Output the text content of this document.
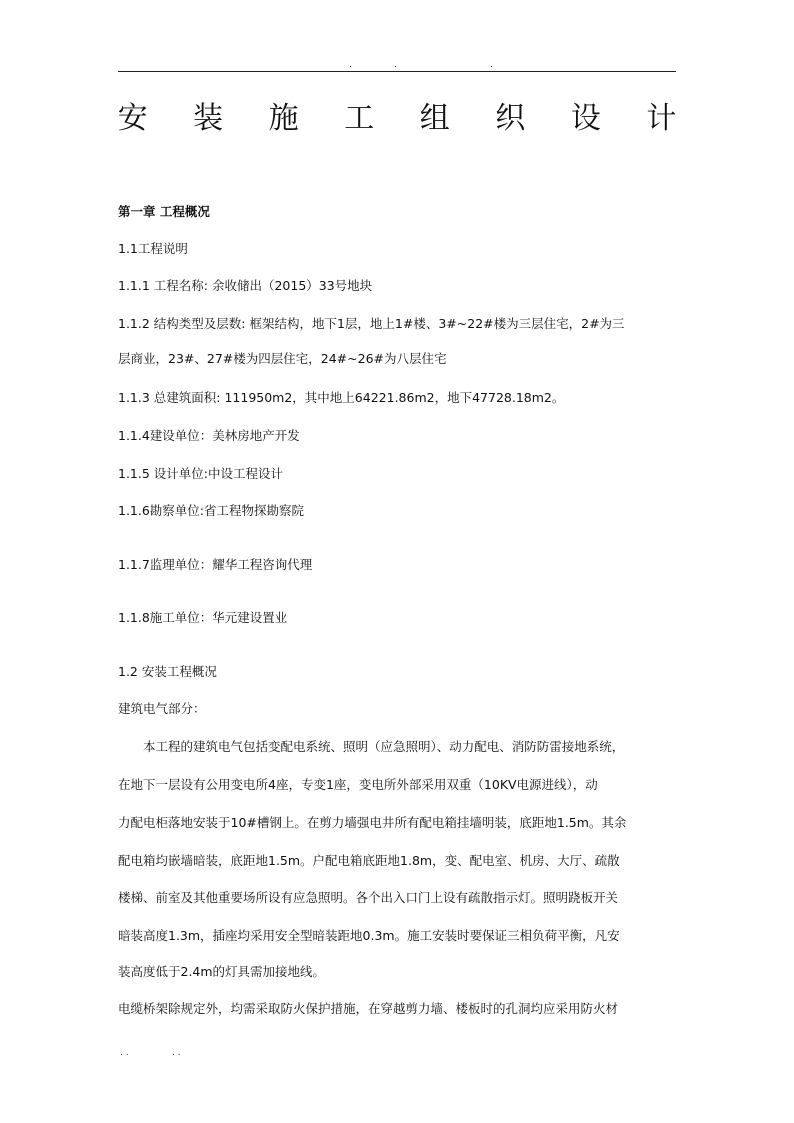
.	.	.
安 装 施 工 组 织 设 计
第一章 工程概况
1.1工程说明
1.1.1 工程名称: 余收储出（2015）33号地块
1.1.2 结构类型及层数: 框架结构，地下1层，地上1#楼、3#~22#楼为三层住宅，2#为三
层商业，23#、27#楼为四层住宅，24#~26#为八层住宅
1.1.3 总建筑面积: 111950m2，其中地上64221.86m2，地下47728.18m2。
1.1.4建设单位：美林房地产开发
1.1.5 设计单位:中设工程设计
1.1.6勘察单位:省工程物探勘察院
1.1.7监理单位：耀华工程咨询代理
1.1.8施工单位：华元建设置业
1.2 安装工程概况
建筑电气部分：
本工程的建筑电气包括变配电系统、照明（应急照明）、动力配电、消防防雷接地系统，
在地下一层设有公用变电所4座，专变1座，变电所外部采用双重（10KV电源进线），动
力配电柜落地安装于10#槽钢上。在剪力墙强电井所有配电箱挂墙明装，底距地1.5m。其余
配电箱均嵌墙暗装，底距地1.5m。户配电箱底距地1.8m，变、配电室、机房、大厅、疏散
楼梯、前室及其他重要场所设有应急照明。各个出入口门上设有疏散指示灯。照明跷板开关
暗装高度1.3m，插座均采用安全型暗装距地0.3m。施工安装时要保证三相负荷平衡，凡安
装高度低于2.4m的灯具需加接地线。
电缆桥架除规定外，均需采取防火保护措施，在穿越剪力墙、楼板时的孔洞均应采用防火材
. .	. .
